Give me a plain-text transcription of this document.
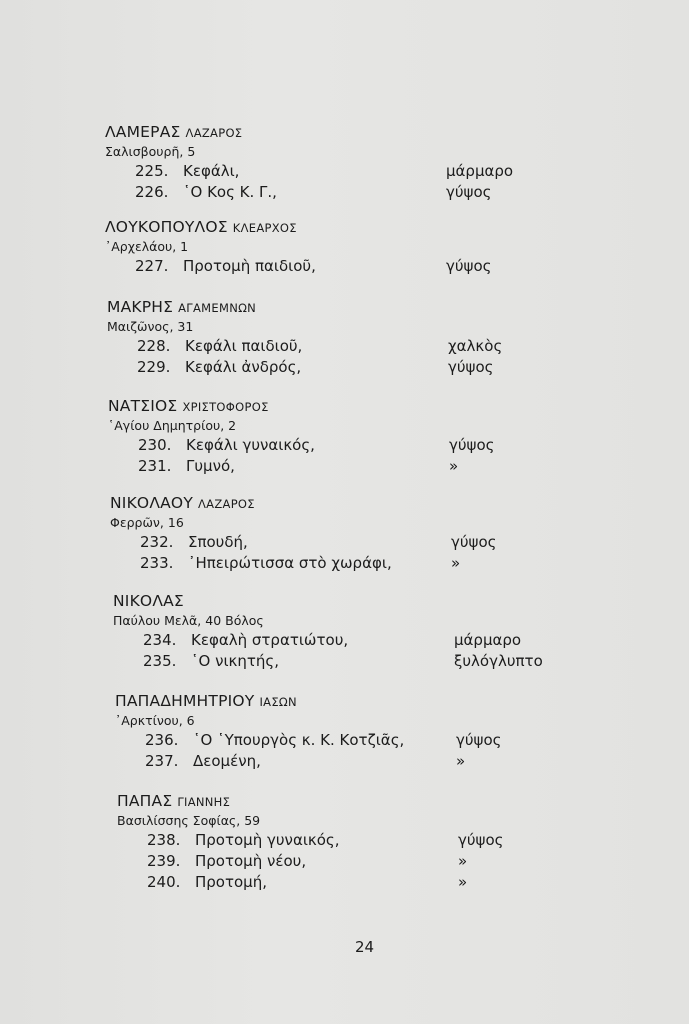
ΛΑΜΕΡΑΣ ΛΑΖΑΡΟΣ
Σαλισβουρῆ, 5
225. Κεφάλι,	μάρμαρο
226. ῾Ο Κος Κ. Γ.,	γύψος
ΛΟΥΚΟΠΟΥΛΟΣ ΚΛΕΑΡΧΟΣ
᾿Αρχελάου, 1
227. Προτομὴ παιδιοῦ,	γύψος
ΜΑΚΡΗΣ ΑΓΑΜΕΜΝΩΝ
Μαιζῶνος, 31
228. Κεφάλι παιδιοῦ,	χαλκὸς
229. Κεφάλι ἀνδρός,	γύψος
ΝΑΤΣΙΟΣ ΧΡΙΣΤΟΦΟΡΟΣ
῾Αγίου Δημητρίου, 2
230. Κεφάλι γυναικός,	γύψος
231. Γυμνό,	»
ΝΙΚΟΛΑΟΥ ΛΑΖΑΡΟΣ
Φερρῶν, 16
232. Σπουδή,	γύψος
233. ᾿Ηπειρώτισσα στὸ χωράφι,	»
ΝΙΚΟΛΑΣ
Παύλου Μελᾶ, 40 Βόλος
234. Κεφαλὴ στρατιώτου,	μάρμαρο
235. ῾Ο νικητής,	ξυλόγλυπτο
ΠΑΠΑΔΗΜΗΤΡΙΟΥ ΙΑΣΩΝ
᾿Αρκτίνου, 6
236. ῾Ο ῾Υπουργὸς κ. Κ. Κοτζιᾶς,	γύψος
237. Δεομένη,	»
ΠΑΠΑΣ ΓΙΑΝΝΗΣ
Βασιλίσσης Σοφίας, 59
238. Προτομὴ γυναικός,	γύψος
239. Προτομὴ νέου,	»
240. Προτομή,	»
24
